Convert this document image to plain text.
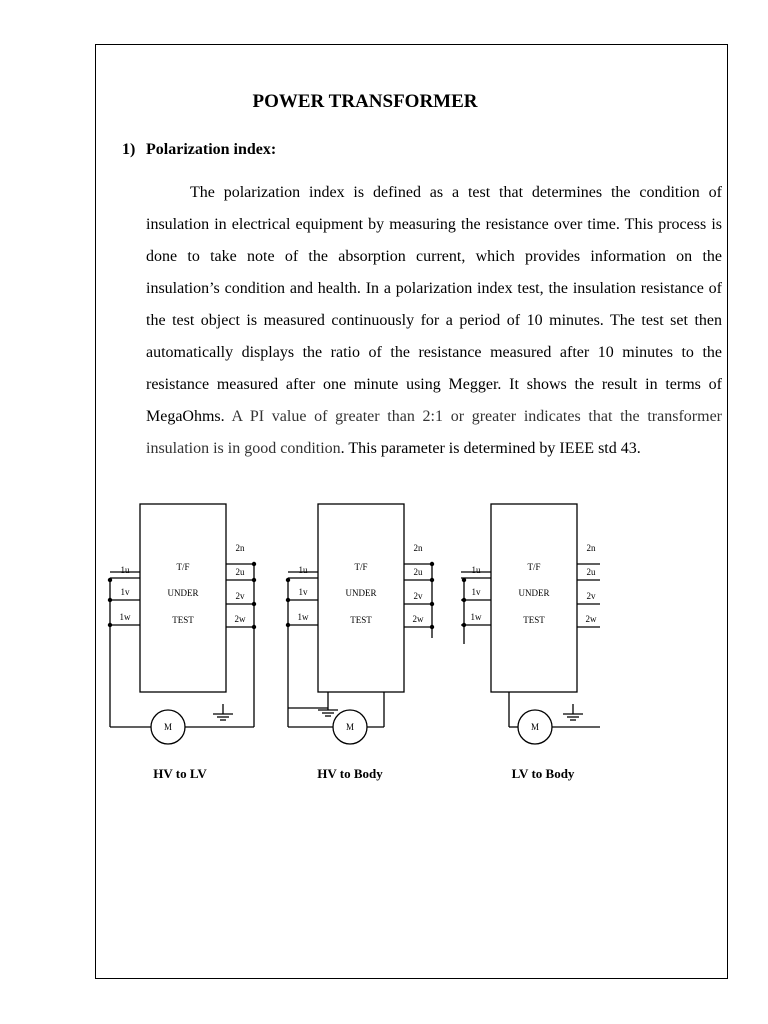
POWER TRANSFORMER
1) Polarization index:

The polarization index is defined as a test that determines the condition of insulation in electrical equipment by measuring the resistance over time. This process is done to take note of the absorption current, which provides information on the insulation’s condition and health. In a polarization index test, the insulation resistance of the test object is measured continuously for a period of 10 minutes. The test set then automatically displays the ratio of the resistance measured after 10 minutes to the resistance measured after one minute using Megger. It shows the result in terms of MegaOhms. A PI value of greater than 2:1 or greater indicates that the transformer insulation is in good condition. This parameter is determined by IEEE std 43.

T/F
UNDER
TEST
1u
1v
1w
2n
2u
2v
2w
M
HV to LV
T/F
UNDER
TEST
1u
1v
1w
2n
2u
2v
2w
M
HV to Body
T/F
UNDER
TEST
1u
1v
1w
2n
2u
2v
2w
M
LV to Body
